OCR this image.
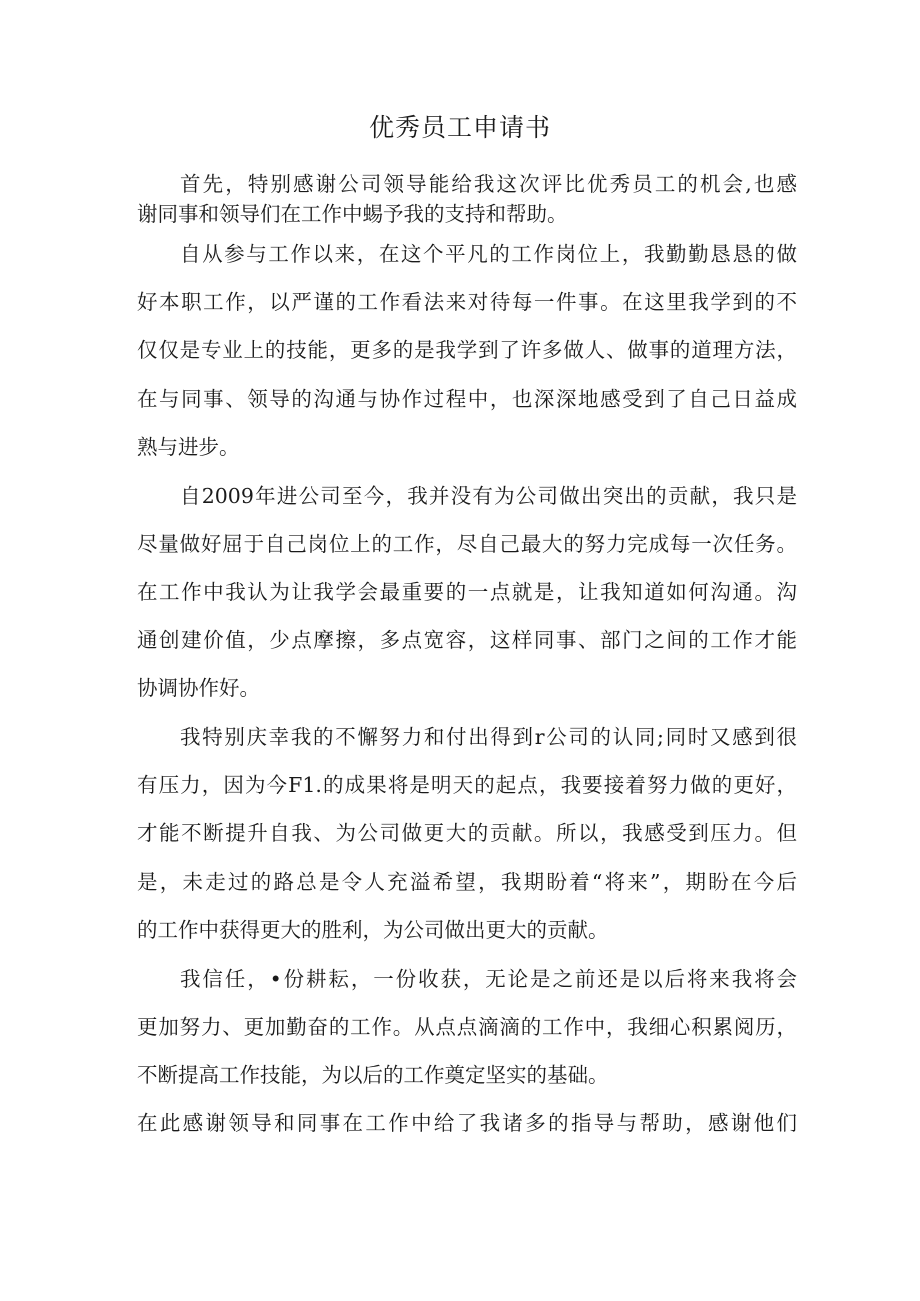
优秀员工申请书
首先，特别感谢公司领导能给我这次评比优秀员工的机会,也感
谢同事和领导们在工作中蜴予我的支持和帮助。
自从参与工作以来，在这个平凡的工作岗位上，我勤勤恳恳的做
好本职工作，以严谨的工作看法来对待每一件事。在这里我学到的不
仅仅是专业上的技能，更多的是我学到了许多做人、做事的道理方法，
在与同事、领导的沟通与协作过程中，也深深地感受到了自己日益成
熟与进步。
自2009年进公司至今，我并没有为公司做出突出的贡献，我只是
尽量做好屈于自己岗位上的工作，尽自己最大的努力完成每一次任务。
在工作中我认为让我学会最重要的一点就是，让我知道如何沟通。沟
通创建价值，少点摩擦，多点宽容，这样同事、部门之间的工作才能
协调协作好。
我特别庆幸我的不懈努力和付出得到r公司的认同;同时又感到很
有压力，因为今F1.的成果将是明天的起点，我要接着努力做的更好，
才能不断提升自我、为公司做更大的贡献。所以，我感受到压力。但
是，未走过的路总是令人充溢希望，我期盼着“将来”，期盼在今后
的工作中获得更大的胜利，为公司做出更大的贡献。
我信任，•份耕耘，一份收获，无论是之前还是以后将来我将会
更加努力、更加勤奋的工作。从点点滴滴的工作中，我细心积累阅历，
不断提高工作技能，为以后的工作奠定坚实的基础。
在此感谢领导和同事在工作中给了我诸多的指导与帮助，感谢他们
